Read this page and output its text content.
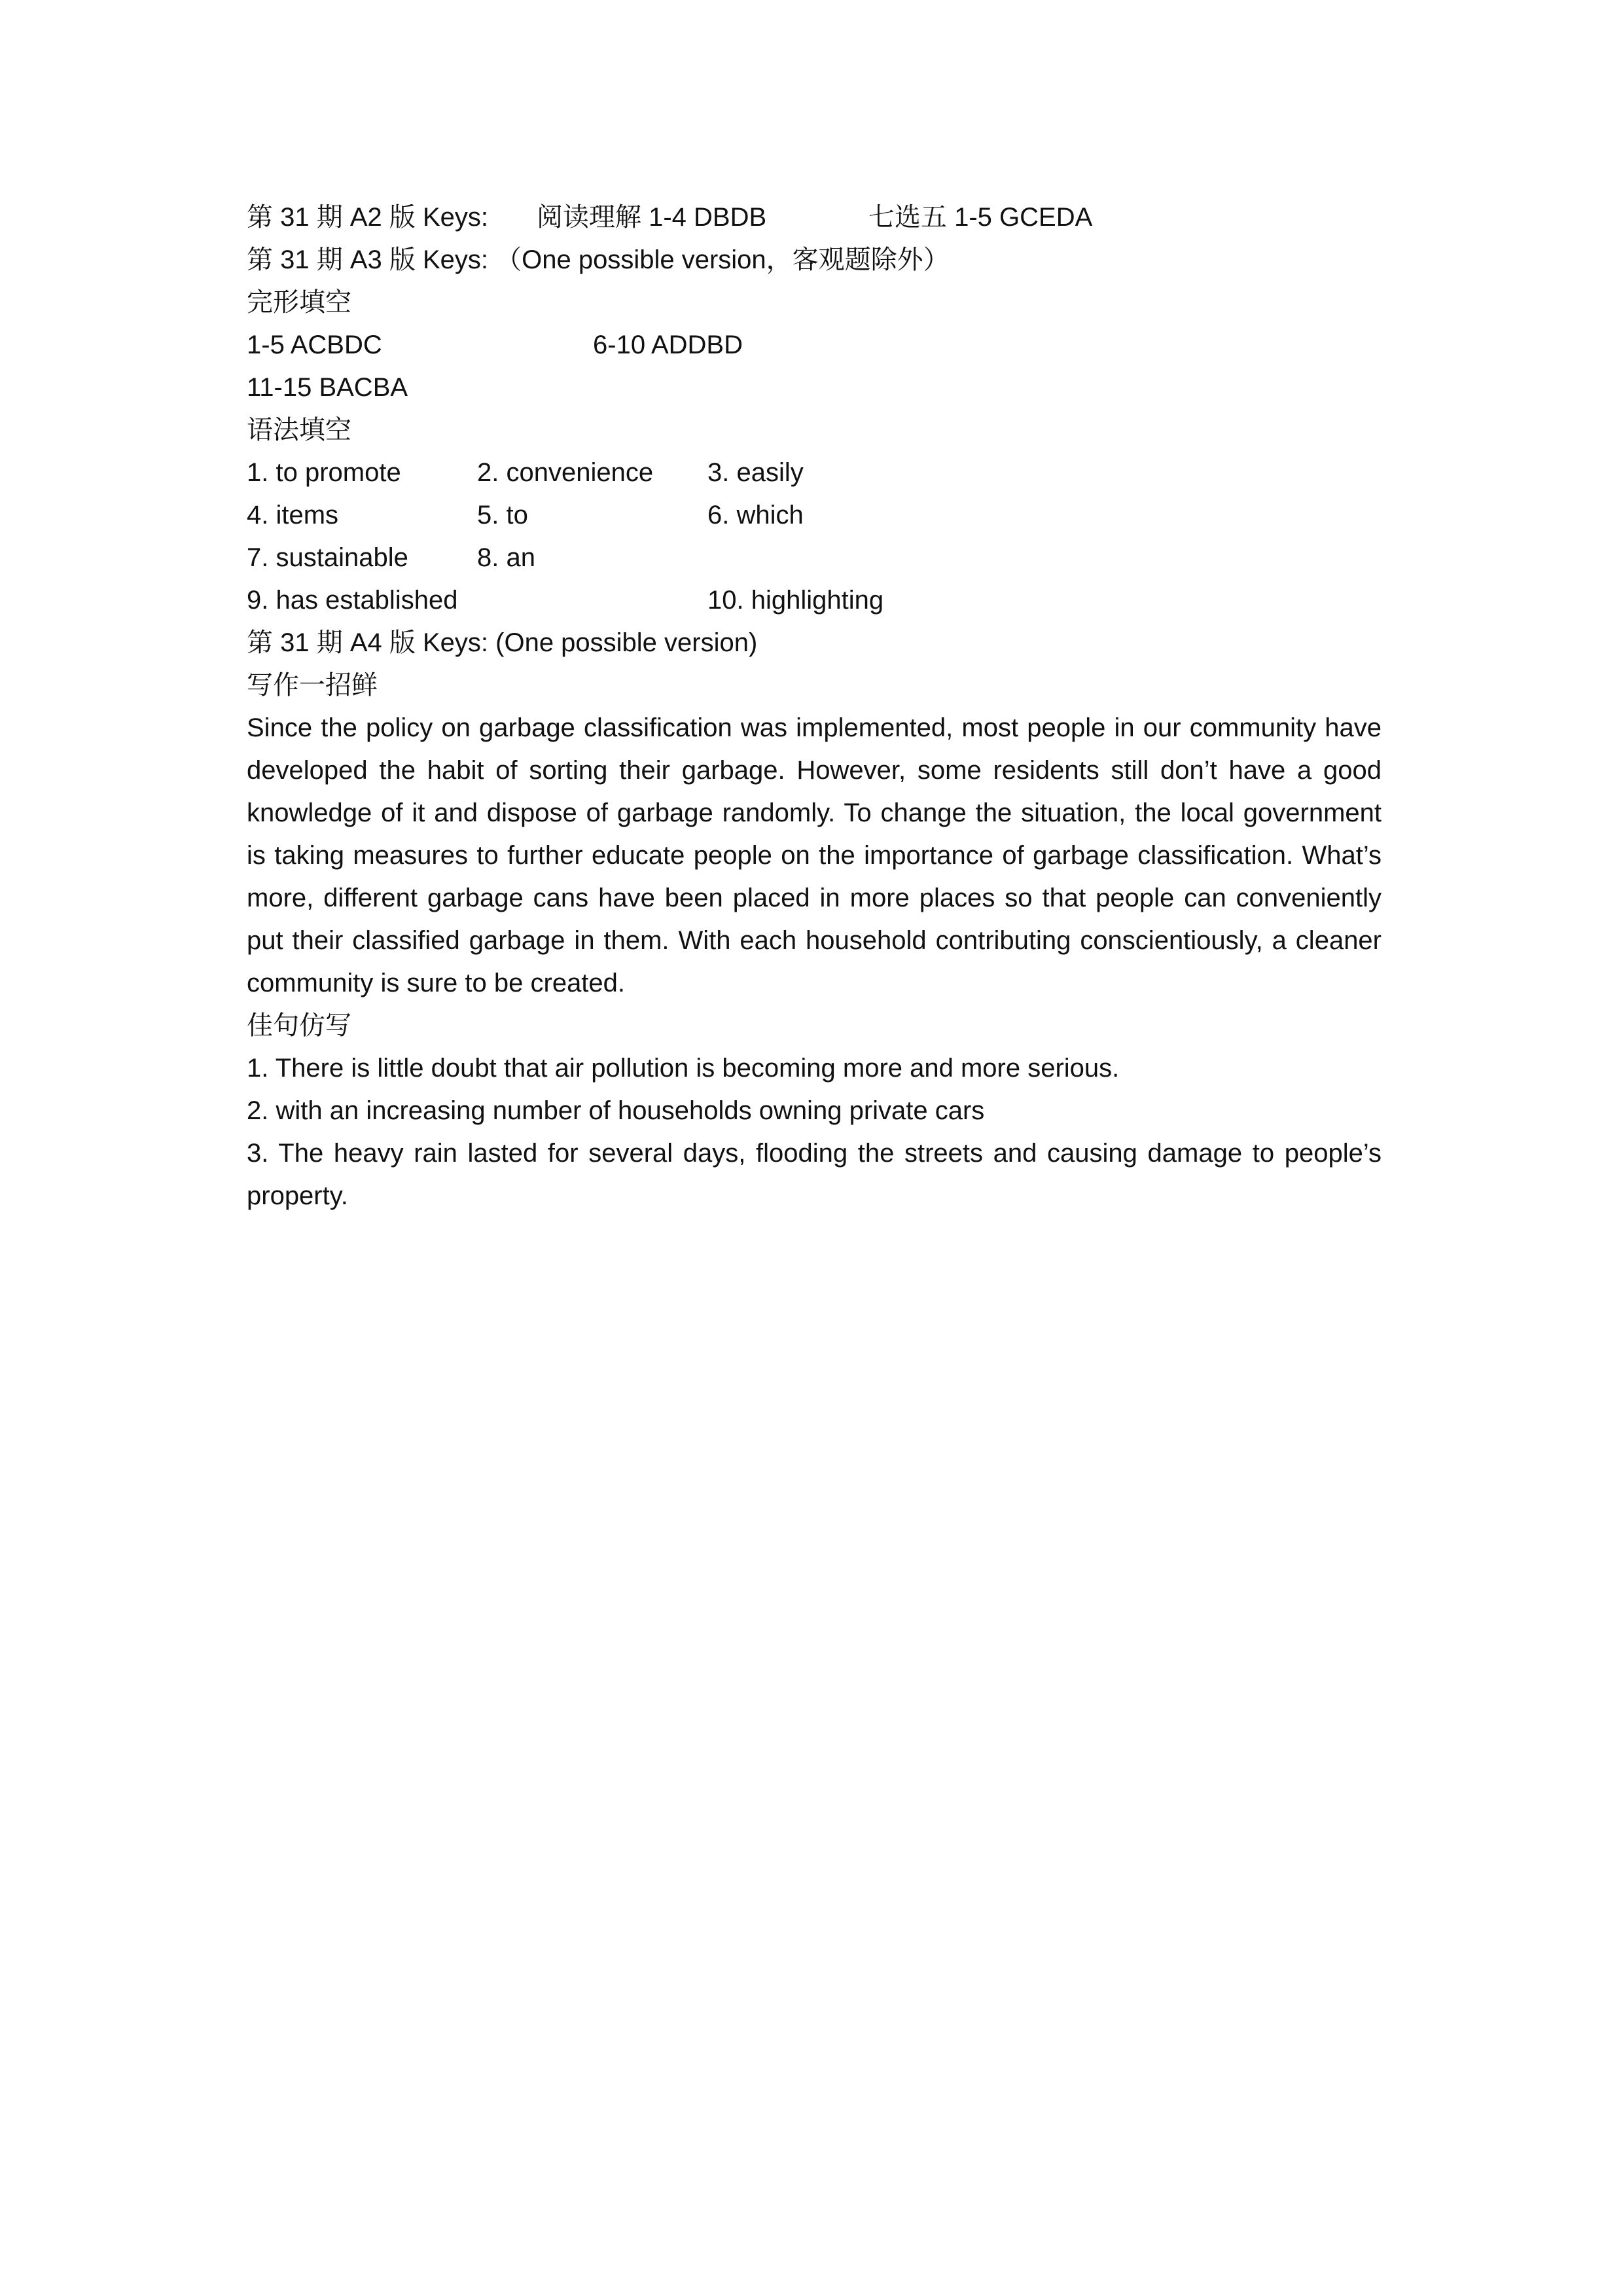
第 31 期 A2 版 Keys: 阅读理解 1-4 DBDB	七选五 1-5 GCEDA
第 31 期 A3 版 Keys: （One possible version，客观题除外）
完形填空
1-5 ACBDC	6-10 ADDBD
11-15 BACBA
语法填空
1. to promote	2. convenience 3. easily
4. items	5. to	6. which
7. sustainable	8. an
9. has established	10. highlighting
第 31 期 A4 版 Keys: (One possible version)
写作一招鲜
Since the policy on garbage classification was implemented, most people in our community have developed the habit of sorting their garbage. However, some residents still don’t have a good knowledge of it and dispose of garbage randomly. To change the situation, the local government is taking measures to further educate people on the importance of garbage classification. What’s more, different garbage cans have been placed in more places so that people can conveniently put their classified garbage in them. With each household contributing conscientiously, a cleaner community is sure to be created.
佳句仿写
1. There is little doubt that air pollution is becoming more and more serious.
2. with an increasing number of households owning private cars
3. The heavy rain lasted for several days, flooding the streets and causing damage to people’s property.
